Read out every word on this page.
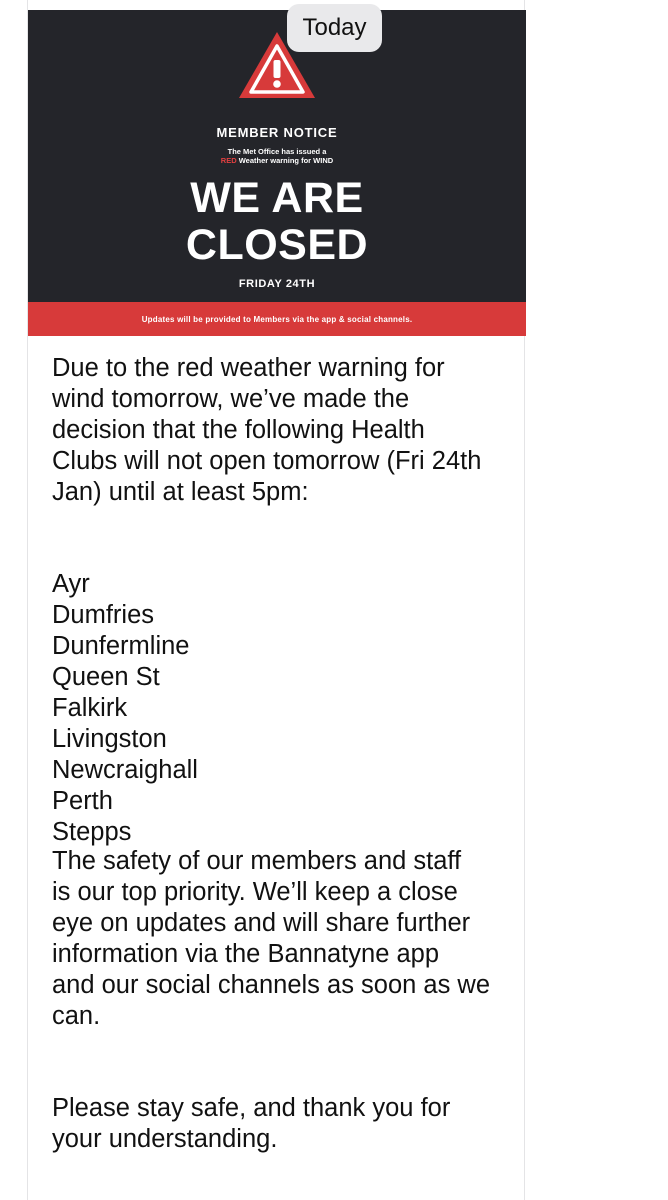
MEMBER NOTICE
The Met Office has issued a
RED Weather warning for WIND
WE ARE
CLOSED
FRIDAY 24TH
Updates will be provided to Members via the app & social channels.
Today

Due to the red weather warning for
wind tomorrow, we’ve made the
decision that the following Health
Clubs will not open tomorrow (Fri 24th
Jan) until at least 5pm:

Ayr
Dumfries
Dunfermline
Queen St
Falkirk
Livingston
Newcraighall
Perth
Stepps

The safety of our members and staff
is our top priority. We’ll keep a close
eye on updates and will share further
information via the Bannatyne app
and our social channels as soon as we
can.

Please stay safe, and thank you for
your understanding.
